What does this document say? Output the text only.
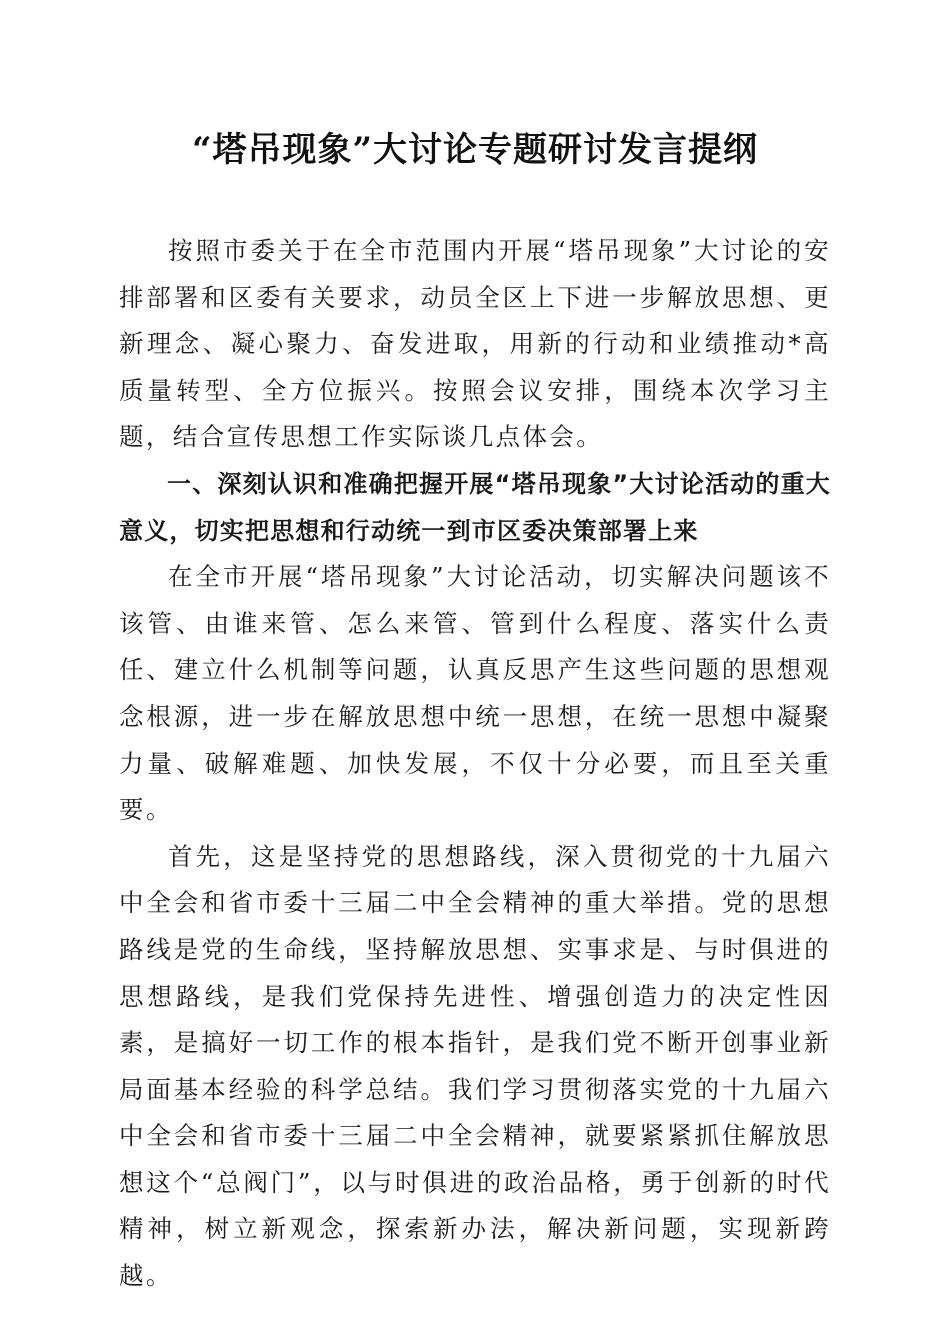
“塔吊现象”大讨论专题研讨发言提纲

按照市委关于在全市范围内开展“塔吊现象”大讨论的安排部署和区委有关要求，动员全区上下进一步解放思想、更新理念、凝心聚力、奋发进取，用新的行动和业绩推动*高质量转型、全方位振兴。按照会议安排，围绕本次学习主题，结合宣传思想工作实际谈几点体会。

一、深刻认识和准确把握开展“塔吊现象”大讨论活动的重大意义，切实把思想和行动统一到市区委决策部署上来

在全市开展“塔吊现象”大讨论活动，切实解决问题该不该管、由谁来管、怎么来管、管到什么程度、落实什么责任、建立什么机制等问题，认真反思产生这些问题的思想观念根源，进一步在解放思想中统一思想，在统一思想中凝聚力量、破解难题、加快发展，不仅十分必要，而且至关重要。

首先，这是坚持党的思想路线，深入贯彻党的十九届六中全会和省市委十三届二中全会精神的重大举措。党的思想路线是党的生命线，坚持解放思想、实事求是、与时俱进的思想路线，是我们党保持先进性、增强创造力的决定性因素，是搞好一切工作的根本指针，是我们党不断开创事业新局面基本经验的科学总结。我们学习贯彻落实党的十九届六中全会和省市委十三届二中全会精神，就要紧紧抓住解放思想这个“总阀门”，以与时俱进的政治品格，勇于创新的时代精神，树立新观念，探索新办法，解决新问题，实现新跨越。
